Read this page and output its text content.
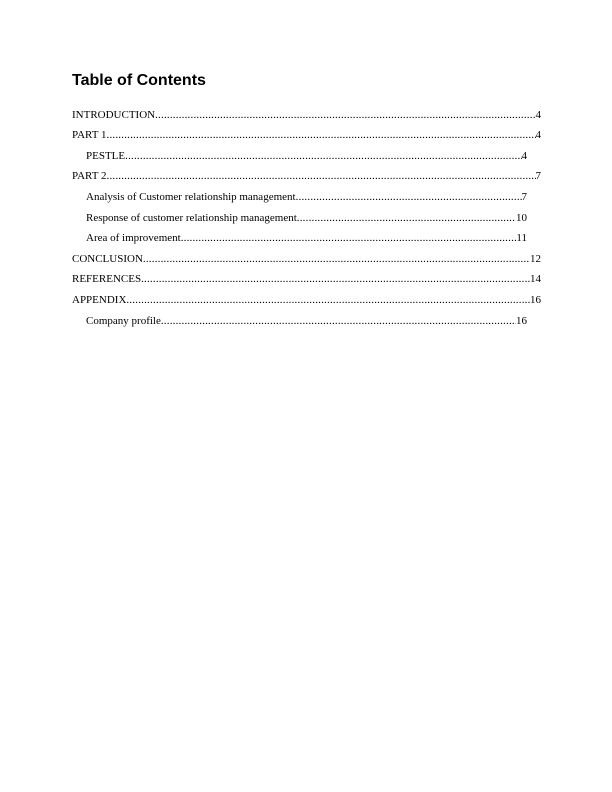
Table of Contents
INTRODUCTION .....	4
PART 1 .....	4
PESTLE .....	4
PART 2 .....	7
Analysis of Customer relationship management .....	7
Response of customer relationship management .....	10
Area of improvement .....	11
CONCLUSION .....	12
REFERENCES .....	14
APPENDIX .....	16
Company profile .....	16
